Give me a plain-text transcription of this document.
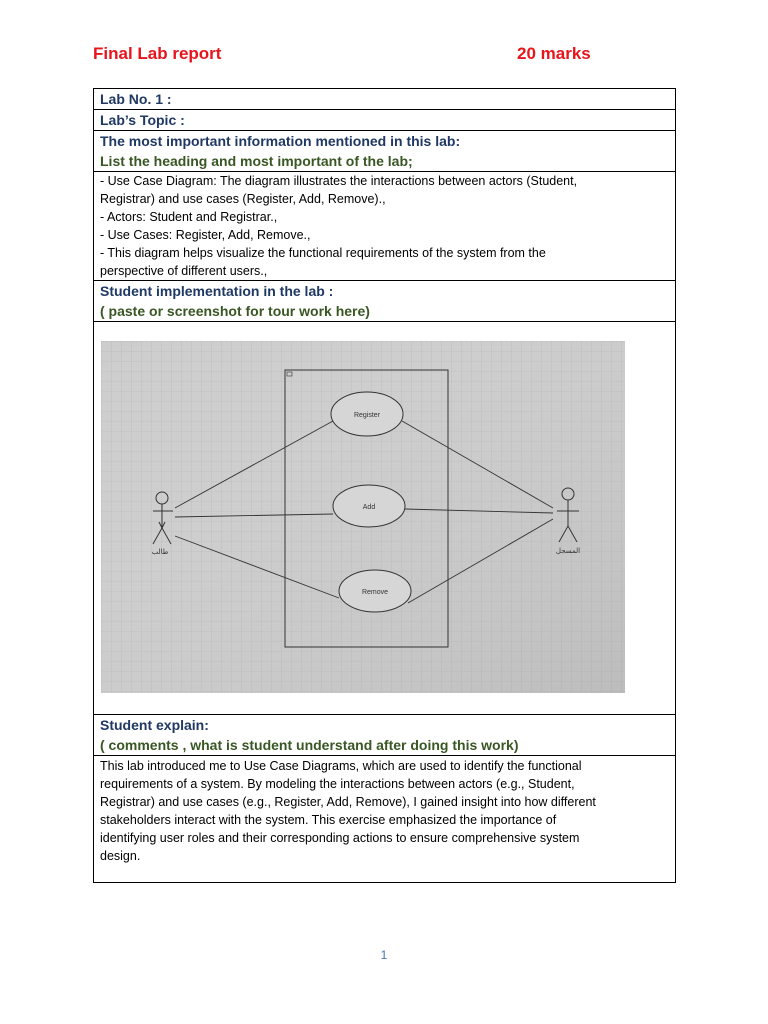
Final Lab report	20 marks
Lab No. 1 :
Lab’s Topic :

The most important information mentioned in this lab:
List the heading and most important of the lab;

- Use Case Diagram: The diagram illustrates the interactions between actors (Student,
Registrar) and use cases (Register, Add, Remove).,
- Actors: Student and Registrar.,
- Use Cases: Register, Add, Remove.,
- This diagram helps visualize the functional requirements of the system from the
perspective of different users.,

Student implementation in the lab :
( paste or screenshot for tour work here)

Register
Add
Remove
طالب	المسجل

Student explain:
( comments , what is student understand after doing this work)

This lab introduced me to Use Case Diagrams, which are used to identify the functional
requirements of a system. By modeling the interactions between actors (e.g., Student,
Registrar) and use cases (e.g., Register, Add, Remove), I gained insight into how different
stakeholders interact with the system. This exercise emphasized the importance of
identifying user roles and their corresponding actions to ensure comprehensive system
design.
1
